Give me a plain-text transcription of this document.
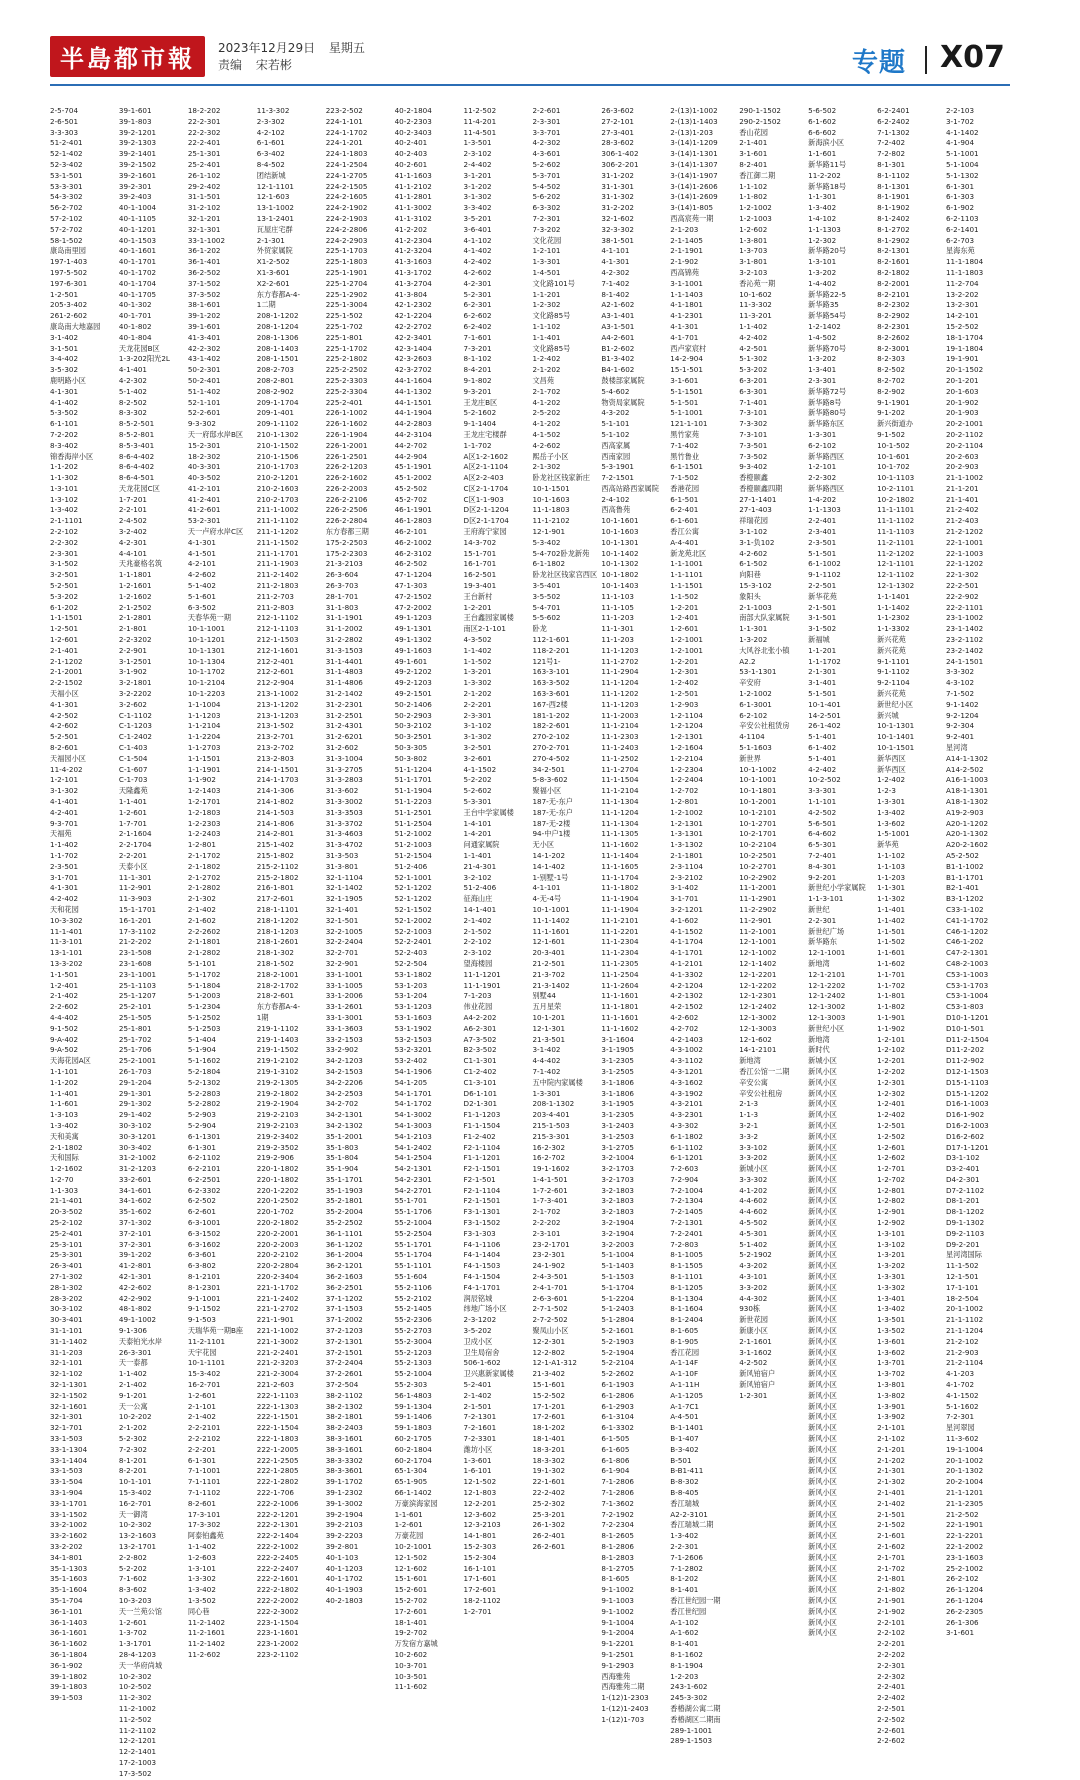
半島都市報	2023年12月29日 星期五
责编 宋若彬	专题 X07
2-5-704
2-6-501
3-3-303
51-2-401
52-1-402
52-3-402
53-1-501
53-3-301
54-3-302
56-2-702
57-2-102
57-2-702
58-1-502
康岛南里园
197-1-403
197-5-502
197-6-301
1-2-501
205-3-402
261-2-602
康岛南大地嘉园
3-1-402
3-1-501
3-4-402
3-5-302
鹿明路小区
4-1-301
4-1-402
5-3-502
6-1-101
7-2-202
8-3-402
锦香海岸小区
1-1-202
1-1-302
1-3-101
1-3-102
1-3-402
2-1-1101
2-2-102
2-2-302
2-3-301
3-1-502
3-2-501
5-2-501
5-3-202
6-1-202
1-1-1501
1-2-501
1-2-601
2-1-401
2-1-1202
2-1-2001
2-2-1502
天福小区
4-1-301
4-2-502
4-2-602
5-2-501
8-2-601
天福园小区
11-4-202
1-2-101
3-1-302
4-1-401
4-2-401
9-3-701
天福苑
1-1-402
1-1-702
2-3-501
3-1-701
4-1-301
4-2-402
天和花园
10-3-302
11-1-401
11-3-101
13-1-101
13-3-202
1-1-501
1-2-401
2-1-402
2-2-602
4-4-402
9-1-502
9-A-402
9-A-502
天海花园A区
1-1-101
1-1-202
1-1-401
1-1-601
1-3-103
1-3-402
天和美寓
2-1-1802
天和国际
1-2-1602
1-2-70
1-1-303
21-1-401
20-3-502
25-2-102
25-2-401
25-3-101
25-3-301
26-3-401
27-1-302
28-1-302
28-3-202
30-3-102
30-3-401
31-1-101
31-1-1402
31-1-203
32-1-101
32-1-102
32-1-1301
32-1-1502
32-1-1601
32-1-301
32-1-701
33-1-503
33-1-1304
33-1-1404
33-1-503
33-1-504
33-1-904
33-1-1701
33-1-1502
33-2-1002
33-2-1602
33-2-202
34-1-801
35-1-1303
35-1-1603
35-1-1604
35-1-704
36-1-101
36-1-1403
36-1-1601
36-1-1602
36-1-1804
36-1-902
39-1-1802
39-1-1803
39-1-503
39-1-601
39-1-803
39-2-1201
39-2-1303
39-2-1401
39-2-1502
39-2-1601
39-2-301
39-2-403
40-1-1004
40-1-1105
40-1-1201
40-1-1503
40-1-1601
40-1-1701
40-1-1702
40-1-1704
40-1-1705
40-1-302
40-1-701
40-1-802
40-1-804
天龙花园B区
1-3-202阳光2L
4-1-401
4-2-302
5-1-402
8-2-502
8-3-302
8-5-2-501
8-5-2-801
8-5-3-401
8-6-4-402
8-6-4-402
8-6-4-501
天龙花园C区
1-7-201
2-2-101
2-4-502
3-2-402
4-2-301
4-4-101
天兆豪格名筑
1-1-1801
1-2-1601
1-2-1602
2-1-2502
2-1-2801
2-1-801
2-2-3202
2-2-901
3-1-2501
3-1-902
3-2-1801
3-2-2202
3-2-602
C-1-1102
C-1-1203
C-1-2402
C-1-403
C-1-504
C-1-607
C-1-703
天隆鑫苑
1-1-401
1-2-601
1-7-701
2-1-1604
2-2-1704
2-2-201
天泰小区
11-1-301
11-2-901
11-3-903
15-1-1701
16-1-201
17-3-1102
21-2-202
23-1-508
23-1-608
23-1-1001
25-1-1103
25-1-1207
25-2-101
25-1-505
25-1-801
25-1-702
25-1-706
25-2-1001
26-1-703
29-1-204
29-1-301
29-1-302
29-1-402
30-3-102
30-3-1201
30-3-402
31-2-1002
31-2-1203
33-2-601
34-1-601
34-1-602
35-1-602
37-1-302
37-2-101
37-2-301
39-1-202
41-2-801
42-1-301
42-2-602
42-2-902
48-1-802
49-1-1002
9-1-306
天泰铂光水岸
26-3-301
天一泰都
1-1-402
2-1-402
9-1-201
天一公寓
10-2-202
2-1-202
5-2-302
7-2-302
8-1-201
8-2-201
10-1-101
15-3-402
16-2-701
天一御湾
10-2-302
13-2-1603
13-2-1701
2-2-802
5-2-202
7-1-602
8-3-602
10-3-203
天一兰苑公馆
1-2-601
1-3-702
1-3-1701
28-4-1203
天一华府尚城
10-2-302
10-2-502
11-2-302
11-2-1002
11-2-502
11-2-1102
12-2-1201
12-2-1401
17-2-1003
17-3-502
18-2-202
22-2-301
22-2-302
22-2-401
25-1-301
25-2-401
26-1-102
29-2-402
31-1-501
31-2-102
32-1-201
32-1-301
33-1-1002
36-1-202
36-1-401
36-2-502
37-1-502
37-3-502
38-1-601
39-1-202
39-1-601
41-3-401
42-2-302
43-1-402
50-2-301
50-2-401
51-1-402
52-1-101
52-2-601
9-3-302
天一府邸水岸B区
15-2-301
18-2-302
40-3-301
40-3-502
41-2-101
41-2-401
41-2-601
53-2-301
天一卢府水岸C区
4-1-301
4-1-501
4-2-101
4-2-602
5-1-402
5-1-601
6-3-502
天春华苑一期
10-1-1001
10-1-1201
10-1-1301
10-1-1304
10-1-1702
10-1-2104
10-1-2203
1-1-1004
1-1-1203
1-1-2104
1-1-2204
1-1-2703
1-1-1501
1-1-1901
1-1-902
1-2-1403
1-2-1701
1-2-1803
1-2-2303
1-2-2403
1-2-801
2-1-1702
2-1-1802
2-1-2702
2-1-2802
2-1-302
2-1-402
2-1-602
2-2-2602
2-1-1801
2-1-2802
5-1-101
5-1-1702
5-1-1804
5-1-2003
5-1-2304
5-1-2502
5-1-2503
5-1-404
5-1-904
5-1-1602
5-2-1804
5-2-1302
5-2-2803
5-2-2802
5-2-903
5-2-904
6-1-1301
6-1-301
6-2-1102
6-2-2101
6-2-2501
6-2-3302
6-2-502
6-2-601
6-3-1001
6-3-1502
6-3-1602
6-3-601
6-3-802
8-1-2101
8-1-2301
9-1-1001
9-1-1502
9-1-503
天瑞华苑一期B座
11-2-1101
天宇花园
10-1-1101
15-3-402
16-2-701
1-2-601
2-1-101
2-1-402
2-2-2101
2-2-2102
2-2-201
6-1-301
7-1-1001
7-1-1101
7-1-1102
8-2-601
17-3-101
17-3-302
阿泰铂鑫苑
1-1-402
1-2-603
1-3-101
1-3-302
1-3-402
1-3-502
同心巷
11-2-1402
11-2-1601
11-2-1402
11-2-602
11-3-302
2-3-302
4-2-102
6-1-601
6-3-402
8-4-502
团结新城
12-1-1101
12-1-603
13-1-1002
13-1-2401
瓦屋庄宅群
2-1-301
外贸家属院
X1-2-502
X1-3-601
X2-2-601
东方春都A-4-
1二期
208-1-1202
208-1-1204
208-1-1306
208-1-1403
208-1-1501
208-2-703
208-2-801
208-2-902
209-1-1704
209-1-401
209-1-1102
210-1-1302
210-1-1502
210-1-1506
210-1-1703
210-2-1201
210-2-1603
210-2-1703
211-1-1002
211-1-1102
211-1-1202
211-1-1502
211-1-1701
211-1-1903
211-2-1402
211-2-1803
211-2-703
211-2-803
212-1-1102
212-1-1103
212-1-1503
212-1-1601
212-2-401
212-2-601
212-2-904
213-1-1002
213-1-1202
213-1-1203
213-1-502
213-2-701
213-2-702
213-2-803
214-1-1501
214-1-1703
214-1-306
214-1-802
214-1-503
214-1-806
214-2-801
215-1-402
215-1-802
215-2-1102
215-2-1802
216-1-801
217-2-601
218-1-1101
218-1-1202
218-1-1203
218-1-2601
218-1-302
218-1-502
218-2-1001
218-2-1702
218-2-601
东方春都A-4-
1期
219-1-1102
219-1-1403
219-1-1502
219-1-2102
219-1-3102
219-2-1305
219-2-1802
219-2-1904
219-2-2103
219-2-2103
219-2-3402
219-2-3502
219-2-906
220-1-1802
220-1-1802
220-1-2202
220-1-2502
220-1-702
220-2-1802
220-2-2001
220-2-2003
220-2-2102
220-2-2804
220-2-3404
221-1-1702
221-1-2402
221-1-2702
221-1-901
221-1-1002
221-1-3002
221-2-2401
221-2-3203
221-2-3004
221-2-603
222-1-1103
222-1-1303
222-1-1501
222-1-1504
222-1-1803
222-1-2005
222-1-2505
222-1-2805
222-1-2802
222-1-706
222-2-1006
222-2-1201
222-2-1301
222-2-1404
222-2-1002
222-2-2405
222-2-2407
222-2-1601
222-2-1802
222-2-2002
222-2-3002
223-1-1504
223-1-1601
223-1-2002
223-2-1102
223-2-502
224-1-101
224-1-1702
224-1-201
224-1-1803
224-1-2504
224-1-2705
224-2-1505
224-2-1605
224-2-1902
224-2-1903
224-2-2806
224-2-2903
225-1-1703
225-1-1803
225-1-1901
225-1-2704
225-1-2902
225-1-3004
225-1-502
225-1-702
225-1-801
225-1-1702
225-2-1802
225-2-2502
225-2-3303
225-2-3304
225-2-401
226-1-1002
226-1-1602
226-1-1904
226-1-2001
226-1-2501
226-2-1203
226-2-1602
226-2-2003
226-2-2106
226-2-2506
226-2-2804
东方春都三期
175-2-2503
175-2-2303
21-3-2103
26-3-604
26-3-703
28-1-701
31-1-803
31-1-1901
31-1-2002
31-2-2802
31-3-1503
31-1-4401
31-1-4803
31-1-4806
31-2-1402
31-2-2301
31-2-2501
31-2-4301
31-2-6201
31-2-602
31-3-1004
31-3-2705
31-3-2803
31-3-602
31-3-3002
31-3-3503
31-3-3702
31-3-4603
31-3-4702
31-3-503
31-3-801
32-1-1104
32-1-1402
32-1-1905
32-1-401
32-1-501
32-2-1005
32-2-2404
32-2-701
32-2-901
33-1-1001
33-1-1005
33-1-2006
33-1-2601
33-1-3001
33-1-3603
33-2-1503
33-2-902
34-2-1203
34-2-1503
34-2-2206
34-2-2503
34-2-702
34-2-1301
34-2-1302
35-1-2001
35-1-803
35-1-804
35-1-904
35-1-1701
35-1-1903
35-2-1801
35-2-2004
35-2-2502
36-1-1101
36-1-1202
36-1-2004
36-2-1201
36-2-1603
36-2-2501
37-1-1202
37-1-1503
37-1-2002
37-2-1203
37-2-1301
37-2-1501
37-2-2404
37-2-2601
37-2-504
38-2-1102
38-2-1302
38-2-1801
38-2-2403
38-3-1601
38-3-1601
38-3-3302
38-3-3601
39-1-1702
39-1-2302
39-1-3002
39-2-1904
39-2-2103
39-2-2203
39-2-801
40-1-103
40-1-1203
40-1-1702
40-1-1903
40-2-1803
40-2-1804
40-2-2303
40-2-3403
40-2-401
40-2-403
40-2-601
41-1-1603
41-1-2102
41-1-2801
41-1-3002
41-1-3102
41-2-202
41-2-2304
41-2-3204
41-3-1603
41-3-1702
41-3-2704
41-3-804
42-1-2302
42-1-2204
42-2-2702
42-2-3401
42-3-1404
42-3-2603
42-3-2702
44-1-1604
44-1-1302
44-1-1501
44-1-1904
44-2-2803
44-2-3104
44-2-702
44-2-904
45-1-1901
45-1-2002
45-2-502
45-2-702
46-1-1901
46-1-2803
46-2-101
46-2-1002
46-2-3102
46-2-502
47-1-1204
47-1-303
47-2-1502
47-2-2002
49-1-1203
49-1-1301
49-1-1302
49-1-1603
49-1-601
49-2-1202
49-2-1203
49-2-1501
50-2-1406
50-2-2903
50-3-2102
50-3-2501
50-3-305
50-3-802
51-1-1204
51-1-1701
51-1-1904
51-1-2203
51-1-2501
51-1-2504
51-2-1002
51-2-1003
51-2-1504
51-2-406
52-1-1001
52-1-1202
52-1-1202
52-1-1502
52-1-2002
52-2-1003
52-2-2401
52-2-403
52-2-504
53-1-1802
53-1-203
53-1-204
53-1-1203
53-1-1603
53-1-1902
53-2-1503
53-2-3201
53-2-402
54-1-1906
54-1-205
54-1-1701
54-1-1702
54-1-3002
54-1-3003
54-1-2103
54-1-2402
54-1-2504
54-2-1301
54-2-2301
54-2-2701
55-1-701
55-1-1706
55-2-1004
55-2-2504
55-1-1701
55-1-1704
55-1-1101
55-1-604
55-2-1106
55-2-2102
55-2-1405
55-2-2306
55-2-2703
55-2-3004
55-2-1203
55-2-1303
55-2-1004
55-2-303
56-1-4803
59-1-1304
59-1-1406
59-1-1803
60-2-1705
60-2-1804
60-2-1704
65-1-304
65-1-905
66-1-1402
万豪滨海家园
1-1-601
1-2-601
万豪花园
10-2-1001
12-1-502
12-1-602
15-1-601
15-2-601
15-2-702
17-2-601
18-1-401
19-2-702
万发宿方嘉城
10-2-602
10-3-701
10-3-501
11-1-602
11-2-502
11-4-201
11-4-501
1-3-501
2-3-102
2-4-402
3-1-201
3-1-202
3-1-302
3-3-402
3-5-201
3-6-401
4-1-102
4-1-402
4-2-402
4-2-602
4-2-301
5-2-301
6-2-301
6-2-602
6-2-402
7-1-601
7-3-201
8-1-102
8-4-201
9-1-802
9-3-201
王龙庄B区
5-2-1602
9-1-1404
王龙庄宅楼群
1-1-702
A区1-2-1602
A区2-1-1104
A区2-2-403
C区2-1-1704
C区1-1-903
D区2-1-1204
D区2-1-1704
王府海宁家园
14-3-702
15-1-701
16-1-701
16-2-501
19-3-401
王台新村
1-2-201
王台鑫园家属楼
南区2-1-101
4-3-502
1-1-402
1-1-502
1-3-201
1-3-302
2-1-202
2-2-201
2-3-301
3-1-102
3-1-302
3-2-501
3-2-601
4-1-1502
5-2-202
5-2-602
5-3-301
王台中学家属楼
1-4-101
1-4-201
问通家属院
1-1-401
21-4-301
3-2-102
51-2-406
征海山庄
14-1-401
2-1-402
2-1-502
2-2-102
2-3-102
望海楼园
11-1-1201
11-1-1901
7-1-203
伟业花园
A4-2-202
A6-2-301
A7-3-502
B2-3-502
C1-1-301
C1-2-402
C1-3-101
D6-1-101
D2-1-301
F1-1-1203
F1-1-1504
F1-2-402
F2-1-1104
F1-1-1201
F2-1-1501
F2-1-501
F2-1-1104
F2-1-1501
F3-1-1301
F3-1-1502
F3-1-303
F4-1-1106
F4-1-1404
F4-1-1503
F4-1-1504
F4-1-1701
润辰铭城
纬地广场小区
2-3-1202
3-5-202
卫戍小区
卫生局宿舍
506-1-602
卫兴惠新家属楼
5-2-401
2-1-402
2-1-501
7-2-1301
7-2-1601
7-2-3301
潍坊小区
1-3-601
1-6-101
12-1-502
12-1-803
12-2-201
12-3-602
12-3-2103
14-1-801
15-2-303
15-2-304
16-1-101
17-1-601
17-2-601
18-2-1102
1-2-701
2-2-601
2-3-301
3-3-701
4-2-302
4-3-601
5-2-602
5-3-701
5-4-502
5-6-202
6-3-302
7-2-301
7-3-202
文化花园
1-2-101
1-3-301
1-4-501
文化路101号
1-1-201
1-2-302
文化路85号
1-1-102
1-1-401
文化路85号
1-2-402
2-1-202
文昌苑
2-1-702
4-1-202
2-5-202
4-1-202
4-1-502
4-2-602
熙岳子小区
2-1-302
卧龙社区钱家新庄
10-1-1501
10-1-1603
11-1-1803
11-1-2102
12-1-901
5-3-402
5-4-702卧龙新苑
6-1-1802
卧龙社区钱家宫西区
3-5-401
3-5-502
5-4-701
5-5-602
卧龙
112-1-601
118-2-201
121号1-
163-3-101
163-3-502
163-3-601
167-西2楼
181-1-202
182-2-601
270-2-102
270-2-701
270-4-502
34-2-501
5-8-3-602
聚福小区
187-无-东户
187-无-东户
187-无-2楼
94-中户1楼
无小区
14-1-202
14-1-402
1-别墅-1号
4-1-101
4-无-4号
10-1-1001
11-1-1402
11-1-1601
12-1-601
20-3-401
21-2-501
21-3-702
21-3-1402
别墅44
五月星荣
10-1-201
12-1-301
21-3-501
3-1-402
4-4-402
7-1-402
五中院内家属楼
1-3-301
208-1-1302
203-4-401
215-1-503
215-3-301
16-2-302
16-2-702
19-1-1602
1-4-1-501
1-7-2-601
1-7-3-401
2-1-702
2-2-202
2-3-101
23-2-1701
23-2-301
24-1-902
2-4-3-501
2-4-1-701
2-6-3-601
2-7-1-502
2-7-2-502
聚凤山小区
12-2-301
12-2-802
12-1-A1-312
21-3-402
15-1-601
15-2-502
17-1-201
17-2-601
18-1-202
18-1-401
18-3-201
18-3-302
19-1-302
22-1-601
22-2-402
25-2-302
25-3-201
26-1-302
26-2-401
26-2-601
26-3-602
27-2-101
27-3-401
28-3-602
306-1-402
306-2-201
31-1-202
31-1-301
31-1-302
31-2-202
32-1-602
32-3-302
38-1-501
4-1-101
4-1-301
4-2-302
7-1-402
8-1-402
A2-1-602
A3-1-401
A3-1-501
A4-2-601
B1-2-602
B1-3-402
B4-1-602
鼓楼部家属院
5-4-602
物资局家属院
4-3-202
5-1-101
5-1-102
西高家属
西南家园
5-3-1901
7-2-1501
西高站路西家属院
2-4-102
西高鲁苑
10-1-1601
10-1-1603
10-1-1301
10-1-1402
10-1-1302
10-1-1802
10-1-1403
11-1-103
11-1-105
11-1-203
11-1-301
11-1-203
11-1-1203
11-1-2702
11-1-2904
11-1-1204
11-1-1202
11-1-1203
11-1-2003
11-1-2104
11-1-2303
11-1-2403
11-1-2502
11-1-2704
11-1-1504
11-1-2104
11-1-1304
11-1-1204
11-1-1304
11-1-1305
11-1-1602
11-1-1404
11-1-1605
11-1-1704
11-1-1802
11-1-1904
11-1-1904
11-1-2101
11-1-2201
11-1-2304
11-1-2304
11-1-2305
11-1-2504
11-1-2604
11-1-1601
11-1-1801
11-1-1601
11-1-1602
3-1-1604
3-1-1905
3-1-2305
3-1-2505
3-1-1806
3-1-1806
3-1-1905
3-1-2305
3-1-2403
3-1-2503
3-1-2705
3-2-1004
3-2-1703
3-2-1703
3-2-1803
3-2-1803
3-2-1803
3-2-1904
3-2-1904
3-2-2003
5-1-1004
5-1-1403
5-1-1503
5-1-1704
5-1-2204
5-1-2403
5-1-2804
5-2-1601
5-2-1903
5-2-1904
5-2-2104
5-2-2602
6-1-1903
6-1-2806
6-1-2903
6-1-3104
6-1-3302
6-1-505
6-1-605
6-1-806
6-1-904
7-1-2806
7-1-2806
7-1-3602
7-2-1902
7-2-2304
8-1-2605
8-1-2806
8-1-2803
8-1-2705
8-1-605
9-1-1002
9-1-1003
9-1-1002
9-1-1004
9-1-2004
9-1-2201
9-1-2501
9-1-2903
西海雅苑
西海雅苑二期
1-(12)1-2303
1-(12)1-2403
1-(12)1-703
2-(13)1-1002
2-(13)1-1403
2-(13)1-203
3-(14)1-1209
3-(14)1-1301
3-(14)1-1307
3-(14)1-1907
3-(14)1-2606
3-(14)1-2609
3-(14)1-805
西高宸苑一期
2-1-203
2-1-1405
2-1-1901
2-1-902
西高锦苑
3-1-1001
1-1-1403
4-1-1801
4-1-2301
4-1-301
4-1-701
西卢家宸村
14-2-904
15-1-501
3-1-601
5-1-1501
5-1-501
5-1-1001
121-1-101
黑竹家苑
7-1-402
黑竹鲁业
6-1-1501
7-1-502
香港花园
6-1-501
6-2-401
6-1-601
香江公寓
A-4-401
新龙苑北区
1-1-1001
1-1-1101
1-1-1501
1-1-502
1-2-201
1-2-401
1-2-601
1-2-1001
1-2-1001
1-2-201
1-2-301
1-2-402
1-2-501
1-2-903
1-2-1104
1-2-1204
1-2-1301
1-2-1604
1-2-2104
1-2-2304
1-2-2404
1-2-702
1-2-801
1-2-1002
1-2-1301
1-3-1301
1-3-1302
2-1-1801
2-3-1104
2-3-2102
3-1-402
3-1-701
3-2-1201
4-1-602
4-1-1502
4-1-1704
4-1-1701
4-1-2101
4-1-3302
4-2-1204
4-2-1302
4-2-1502
4-2-602
4-2-702
4-2-1403
4-3-1002
4-3-1102
4-3-1201
4-3-1602
4-3-1902
4-3-2101
4-3-2301
4-3-302
6-1-1802
6-1-1102
6-1-1201
7-2-603
7-2-904
7-2-1004
7-2-1304
7-2-1405
7-2-1301
7-2-2401
7-2-803
8-1-1005
8-1-1505
8-1-1101
8-1-1205
8-1-1304
8-1-1604
8-1-2404
8-1-605
8-1-905
香江花园
A-1-14F
A-1-10F
A-1-11H
A-1-1205
A-1-7C1
A-4-501
B-1-1401
B-1-407
B-3-402
B-501
B-B1-411
B-8-302
B-8-405
香江瑞城
A2-2-3101
香江瑞城二期
1-3-402
2-2-301
7-1-2606
7-1-2802
8-1-202
8-1-401
香江世纪园一期
香江世纪园
A-1-102
A-1-602
8-1-401
8-1-1602
8-1-1904
1-2-203
243-1-602
245-3-302
香椿湖公寓二期
香椿湖区二期南
289-1-1001
289-1-1503
290-1-1502
290-2-1502
香山花园
2-1-401
3-1-601
8-2-401
香江御二期
1-1-102
1-1-802
1-2-1002
1-2-1003
1-2-602
1-3-801
1-3-703
3-1-801
3-2-103
香沁苑一期
10-1-602
11-3-302
11-3-201
1-1-402
4-2-402
4-2-501
5-1-302
5-3-202
6-3-201
6-3-301
7-1-401
7-3-101
7-3-302
7-3-101
7-3-501
7-3-502
9-3-402
香橙颐鑫
香橙颐鑫四期
27-1-1401
27-1-403
祥瑞花园
3-1-102
3-1-负102
4-2-602
6-1-502
向阳巷
15-3-102
象阳头
2-1-1003
南部大队家属院
1-1-301
1-3-202
大风谷北张小镇
A2.2
53-1-1301
辛安府
1-2-1002
6-1-3001
6-2-102
辛安公社租赁房
4-1104
5-1-1603
新世界
10-1-1002
10-1-1001
10-1-1801
10-1-2001
10-1-2101
10-1-2701
10-2-1701
10-2-2104
10-2-2501
10-2-2701
10-2-2902
11-1-2001
11-1-2901
11-2-2902
11-2-901
11-2-1001
12-1-1001
12-1-1002
12-1-1402
12-1-2201
12-1-2202
12-1-2301
12-1-2402
12-1-3002
12-1-3003
12-1-602
14-1-2101
新地湾
香江公馆一二期
辛安公寓
辛安公社租房
2-1-3
1-1-3
3-2-1
3-3-2
3-3-102
3-3-202
新城小区
3-3-302
4-1-202
4-4-602
4-4-602
4-5-502
4-5-301
5-1-402
5-2-1902
4-3-202
4-3-101
3-3-202
4-4-302
930栋
新世花园
新康小区
2-1-1601
3-1-1602
4-2-502
新风铂宿户
新风铂宿户
1-2-301
5-6-502
6-1-602
6-6-602
新海滨小区
1-1-601
新华路11号
11-2-202
新华路18号
1-1-301
1-3-402
1-4-102
1-1-1303
1-2-302
新华路20号
1-3-101
1-3-202
1-4-402
新华路22-5
新华路35
新华路54号
1-2-1402
1-4-502
新华路70号
1-3-202
1-3-401
2-3-301
新华路72号
新华路8号
新华路80号
新华路东区
1-3-301
6-2-102
新华路西区
1-2-101
2-2-302
新华路西区
1-4-202
1-1-1303
2-2-401
2-3-401
2-3-501
5-1-501
6-1-1002
9-1-1102
2-2-501
新华花苑
2-1-501
3-1-501
3-1-502
新福城
1-1-201
1-1-1702
2-1-301
3-1-401
5-1-501
10-1-401
14-2-501
26-1-402
5-1-401
6-1-402
5-1-401
4-2-402
10-2-502
3-3-301
1-1-101
4-2-502
5-6-501
6-4-602
6-5-301
7-2-401
8-4-301
9-2-201
新世纪小学家属院
1-1-3-101
新世纪
2-2-301
新世纪广场
新华路东
12-1-1001
新地湾
12-1-2101
12-1-2202
12-1-2402
12-1-3002
12-1-3003
新世纪小区
新地湾
新时代
新城小区
新风小区
新风小区
新风小区
新风小区
新风小区
新风小区
新风小区
新风小区
新风小区
新风小区
新风小区
新风小区
新风小区
新风小区
新风小区
新风小区
新风小区
新风小区
新风小区
新风小区
新风小区
新风小区
新风小区
新风小区
新风小区
新风小区
新风小区
新风小区
新风小区
新风小区
新风小区
新风小区
新风小区
新风小区
新风小区
新风小区
新风小区
新风小区
新风小区
新风小区
新风小区
新风小区
新风小区
新风小区
新风小区
新风小区
新风小区
新风小区
新风小区
新风小区
新风小区
新风小区
新风小区
6-2-2401
6-2-2402
7-1-1302
7-2-402
7-2-802
8-1-301
8-1-1102
8-1-1301
8-1-1901
8-1-1902
8-1-2402
8-1-2702
8-1-2902
8-2-1301
8-2-1601
8-2-1802
8-2-2001
8-2-2101
8-2-2302
8-2-2902
8-2-2301
8-2-2602
8-2-3001
8-2-303
8-2-502
8-2-702
8-2-902
9-1-1901
9-1-202
新兴街道办
9-1-502
10-1-502
10-1-601
10-1-702
10-1-1103
10-2-1101
10-2-1802
11-1-1101
11-1-1102
11-1-1103
11-2-1101
11-2-1202
12-1-1101
12-1-1102
12-1-1302
1-1-1401
1-1-1402
1-1-2302
1-1-3302
新兴花苑
新兴花苑
9-1-1101
9-1-1102
9-2-1104
新兴花苑
新世纪小区
新兴城
10-1-1301
10-1-1401
10-1-1501
新华西区
新华西区
1-2-402
1-2-3
1-3-301
1-3-402
1-3-602
1-5-1001
新华苑
1-1-102
1-1-103
1-1-203
1-1-301
1-1-302
1-1-401
1-1-402
1-1-501
1-1-502
1-1-601
1-1-602
1-1-701
1-1-702
1-1-801
1-1-802
1-1-901
1-1-902
1-2-101
1-2-102
1-2-201
1-2-202
1-2-301
1-2-302
1-2-401
1-2-402
1-2-501
1-2-502
1-2-601
1-2-602
1-2-701
1-2-702
1-2-801
1-2-802
1-2-901
1-2-902
1-3-101
1-3-102
1-3-201
1-3-202
1-3-301
1-3-302
1-3-401
1-3-402
1-3-501
1-3-502
1-3-601
1-3-602
1-3-701
1-3-702
1-3-801
1-3-802
1-3-901
1-3-902
2-1-101
2-1-102
2-1-201
2-1-202
2-1-301
2-1-302
2-1-401
2-1-402
2-1-501
2-1-502
2-1-601
2-1-602
2-1-701
2-1-702
2-1-801
2-1-802
2-1-901
2-1-902
2-2-101
2-2-102
2-2-201
2-2-202
2-2-301
2-2-302
2-2-401
2-2-402
2-2-501
2-2-502
2-2-601
2-2-602
2-2-103
3-1-702
4-1-1402
4-1-904
5-1-1001
5-1-1004
5-1-1302
6-1-301
6-1-303
6-1-902
6-2-1103
6-2-1401
6-2-703
星海东苑
11-1-1804
11-1-1803
11-2-704
13-2-202
13-2-301
14-2-101
15-2-502
18-1-1704
19-1-1804
19-1-901
20-1-1502
20-1-201
20-1-603
20-1-902
20-1-903
20-2-1001
20-2-1102
20-2-1104
20-2-603
20-2-903
21-1-1002
21-1-201
21-1-401
21-2-402
21-2-403
21-2-1202
22-1-1001
22-1-1003
22-1-1202
22-1-302
22-2-501
22-2-902
22-2-1101
23-1-1002
23-1-1402
23-2-1102
23-2-1402
24-1-1501
3-3-302
4-3-102
7-1-502
9-1-1402
9-2-1204
9-2-304
9-2-401
星河湾
A14-1-1302
A14-2-502
A16-1-1003
A18-1-1301
A18-1-1302
A19-2-903
A20-1-1202
A20-1-1302
A20-2-1602
A5-2-502
B1-1-1002
B1-1-1701
B2-1-401
B3-1-1202
C33-1-102
C41-1-1702
C46-1-1202
C46-1-202
C47-2-1301
C48-2-1003
C53-1-1003
C53-1-1703
C53-1-1004
C53-1-803
D10-1-1201
D10-1-501
D11-2-1504
D11-2-202
D11-2-902
D12-1-1503
D15-1-1103
D15-1-1202
D16-1-1003
D16-1-902
D16-2-1003
D16-2-602
D17-1-1201
D3-1-102
D3-2-401
D4-2-301
D7-2-1102
D8-1-201
D8-1-1202
D9-1-1302
D9-2-1103
D9-2-201
星河湾国际
11-1-502
12-1-501
17-1-101
18-2-504
20-1-1002
21-1-1102
21-1-1204
21-2-102
21-2-903
21-2-1104
4-1-203
4-1-702
4-1-1502
5-1-1602
7-2-301
星河翠园
11-3-602
19-1-1004
20-1-1002
20-1-1302
20-2-1004
21-1-1201
21-1-2305
21-2-502
22-1-1901
22-1-2201
22-1-2002
23-1-1603
25-2-1002
26-2-102
26-1-1204
26-1-1204
26-2-2305
26-1-306
3-1-601
